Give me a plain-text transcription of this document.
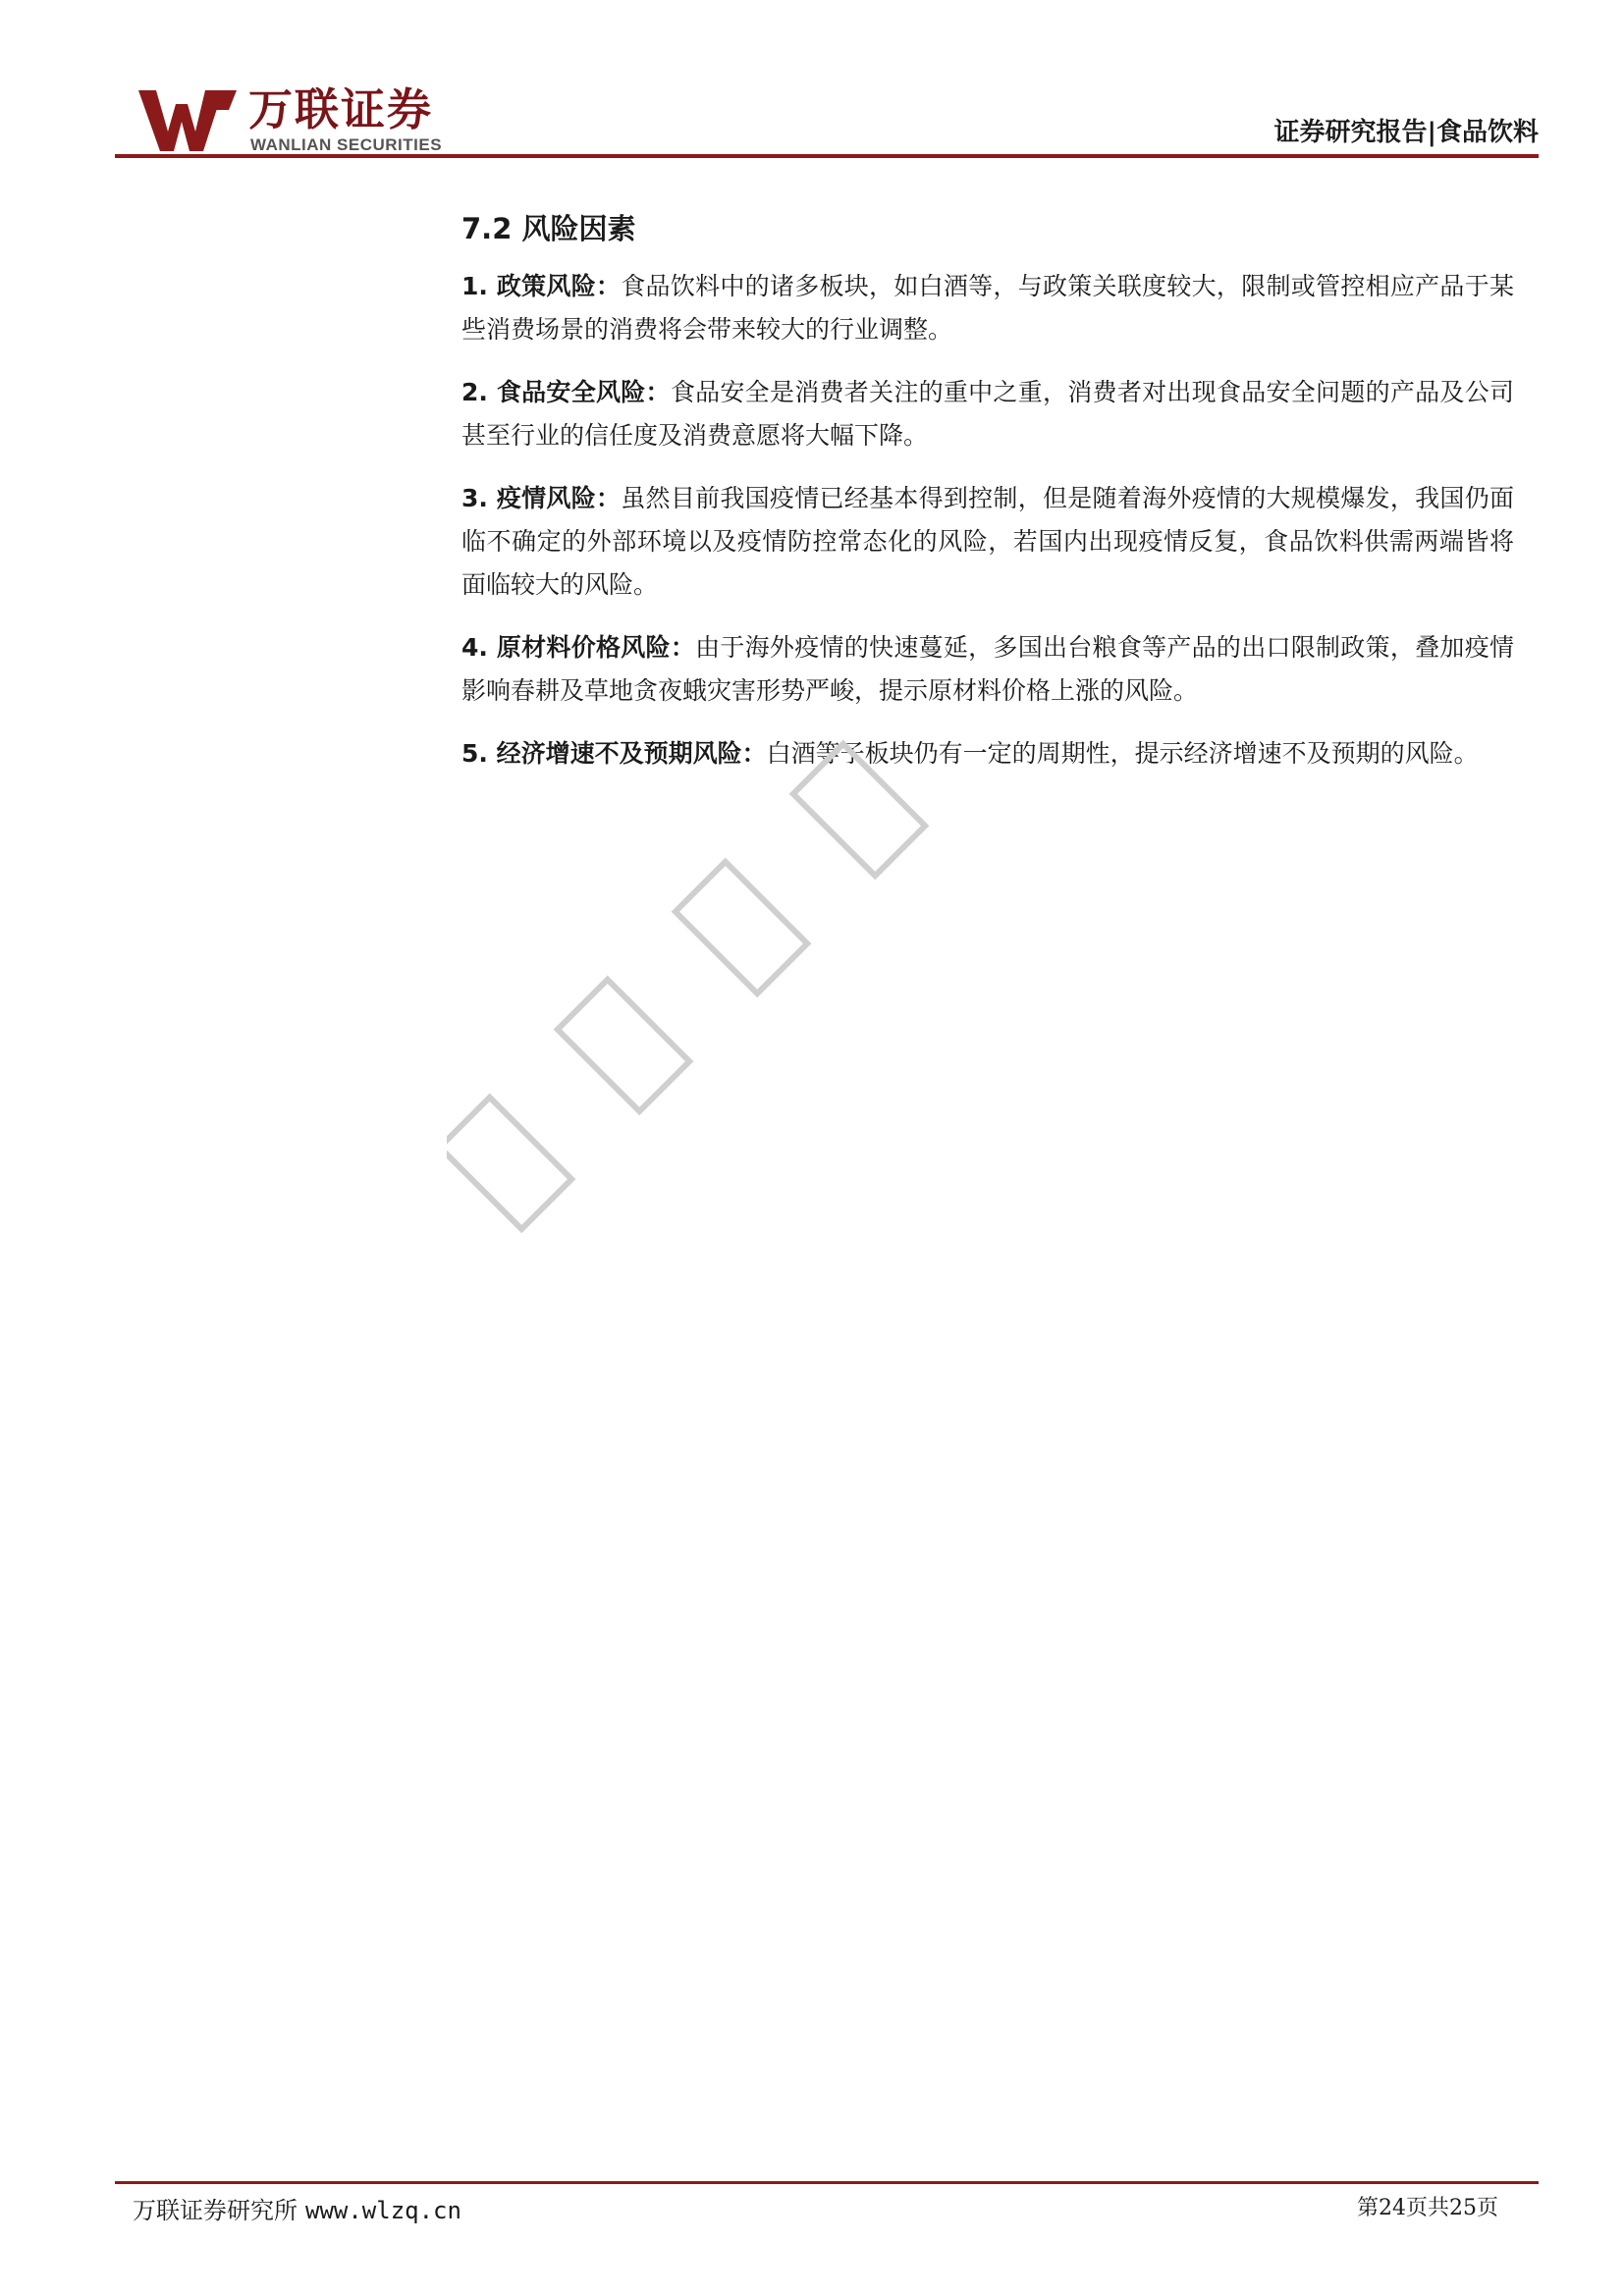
万联证券
WANLIAN SECURITIES	证券研究报告|食品饮料
7.2 风险因素

1. 政策风险：食品饮料中的诸多板块，如白酒等，与政策关联度较大，限制或管控相应产品于某些消费场景的消费将会带来较大的行业调整。

2. 食品安全风险：食品安全是消费者关注的重中之重，消费者对出现食品安全问题的产品及公司甚至行业的信任度及消费意愿将大幅下降。

3. 疫情风险：虽然目前我国疫情已经基本得到控制，但是随着海外疫情的大规模爆发，我国仍面临不确定的外部环境以及疫情防控常态化的风险，若国内出现疫情反复，食品饮料供需两端皆将面临较大的风险。

4. 原材料价格风险：由于海外疫情的快速蔓延，多国出台粮食等产品的出口限制政策，叠加疫情影响春耕及草地贪夜蛾灾害形势严峻，提示原材料价格上涨的风险。

5. 经济增速不及预期风险：白酒等子板块仍有一定的周期性，提示经济增速不及预期的风险。

万联证券研究所 www.wlzq.cn	第24页共25页
